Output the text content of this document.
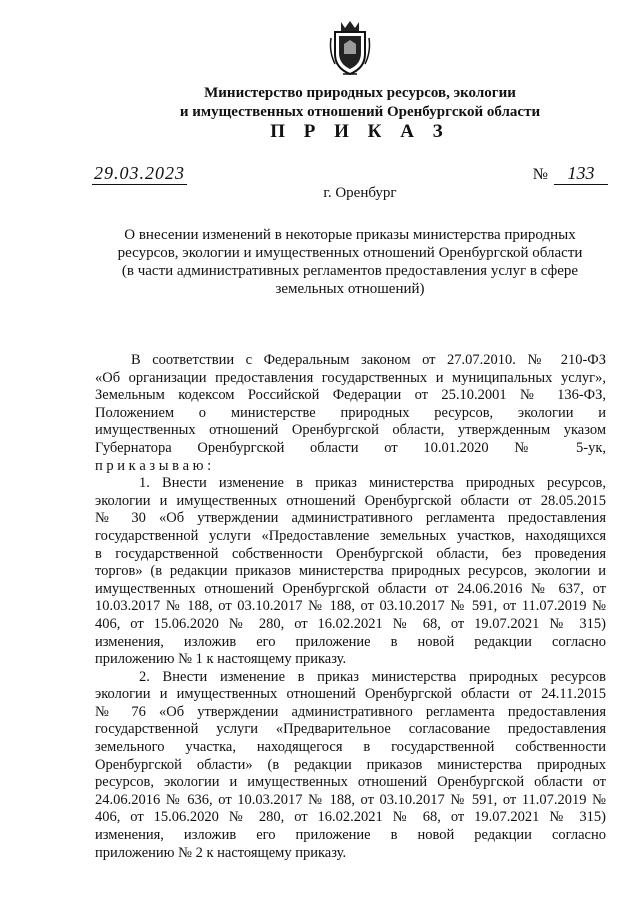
Министерство природных ресурсов, экологии
и имущественных отношений Оренбургской области
П Р И К А З
29.03.2023	№ 133
г. Оренбург
О внесении изменений в некоторые приказы министерства природных
ресурсов, экологии и имущественных отношений Оренбургской области
(в части административных регламентов предоставления услуг в сфере
земельных отношений)
В соответствии с Федеральным законом от 27.07.2010. № 210-ФЗ
«Об организации предоставления государственных и муниципальных услуг»,
Земельным кодексом Российской Федерации от 25.10.2001 № 136-ФЗ,
Положением о министерстве природных ресурсов, экологии и
имущественных отношений Оренбургской области, утвержденным указом
Губернатора Оренбургской области от 10.01.2020 № 5-ук,
п р и к а з ы в а ю :
1. Внести изменение в приказ министерства природных ресурсов,
экологии и имущественных отношений Оренбургской области от 28.05.2015
№ 30 «Об утверждении административного регламента предоставления
государственной услуги «Предоставление земельных участков, находящихся
в государственной собственности Оренбургской области, без проведения
торгов» (в редакции приказов министерства природных ресурсов, экологии и
имущественных отношений Оренбургской области от 24.06.2016 № 637, от
10.03.2017 № 188, от 03.10.2017 № 188, от 03.10.2017 № 591, от 11.07.2019 №
406, от 15.06.2020 № 280, от 16.02.2021 № 68, от 19.07.2021 № 315)
изменения, изложив его приложение в новой редакции согласно
приложению № 1 к настоящему приказу.
2. Внести изменение в приказ министерства природных ресурсов
экологии и имущественных отношений Оренбургской области от 24.11.2015
№ 76 «Об утверждении административного регламента предоставления
государственной услуги «Предварительное согласование предоставления
земельного участка, находящегося в государственной собственности
Оренбургской области» (в редакции приказов министерства природных
ресурсов, экологии и имущественных отношений Оренбургской области от
24.06.2016 № 636, от 10.03.2017 № 188, от 03.10.2017 № 591, от 11.07.2019 №
406, от 15.06.2020 № 280, от 16.02.2021 № 68, от 19.07.2021 № 315)
изменения, изложив его приложение в новой редакции согласно
приложению № 2 к настоящему приказу.
